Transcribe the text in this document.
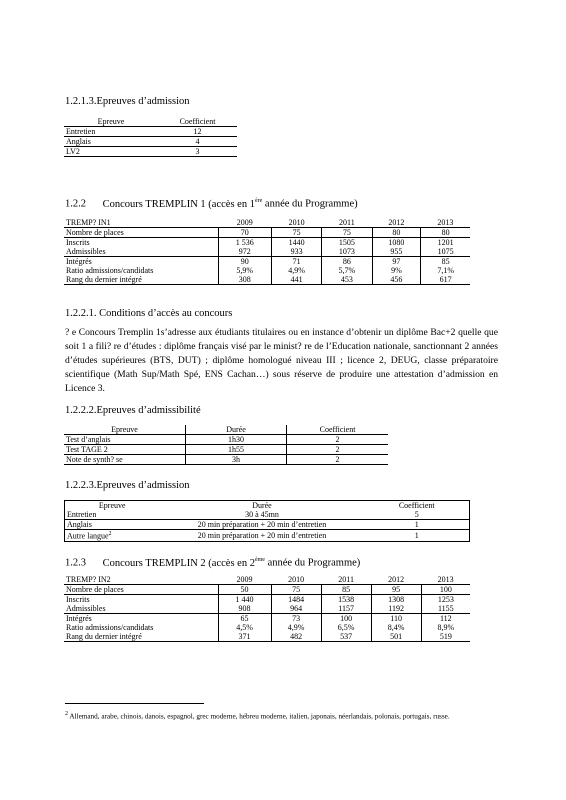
1.2.1.3.Epreuves d’admission
Epreuve	Coefficient
Entretien	12
Anglais	4
LV2	3
1.2.2 Concours TREMPLIN 1 (accès en 1ère année du Programme)
TREMP? IN1	2009	2010	2011	2012	2013
Nombre de places	70	75	75	80	80
Inscrits	1 536	1440	1505	1080	1201
Admissibles	972	933	1073	955	1075
Intégrés	90	71	86	97	85
Ratio admissions/candidats	5,9%	4,9%	5,7%	9%	7,1%
Rang du dernier intégré	308	441	453	456	617
1.2.2.1. Conditions d’accès au concours
? e Concours Tremplin 1s’adresse aux étudiants titulaires ou en instance d’obtenir un diplôme Bac+2 quelle que soit 1 a fili? re d’études : diplôme français visé par le minist? re de l’Education nationale, sanctionnant 2 années d’études supérieures (BTS, DUT) ; diplôme homologué niveau III ; licence 2, DEUG, classe préparatoire scientifique (Math Sup/Math Spé, ENS Cachan…) sous réserve de produire une attestation d’admission en Licence 3.
1.2.2.2.Epreuves d’admissibilité
Epreuve	Durée	Coefficient
Test d’anglais	1h30	2
Test TAGE 2	1h55	2
Note de synth? se	3h	2
1.2.2.3.Epreuves d’admission
Epreuve	Durée	Coefficient
Entretien	30 à 45mn	5
Anglais	20 min préparation + 20 min d’entretien	1
Autre langue$^2$	20 min préparation + 20 min d’entretien	1
1.2.3 Concours TREMPLIN 2 (accès en 2ème année du Programme)
TREMP? IN2	2009	2010	2011	2012	2013
Nombre de places	50	75	85	95	100
Inscrits	1 440	1484	1538	1308	1253
Admissibles	908	964	1157	1192	1155
Intégrés	65	73	100	110	112
Ratio admissions/candidats	4,5%	4,9%	6,5%	8,4%	8,9%
Rang du dernier intégré	371	482	537	501	519
$^2$ Allemand, arabe, chinois, danois, espagnol, grec moderne, hébreu moderne, italien, japonais, néerlandais, polonais, portugais, russe.
